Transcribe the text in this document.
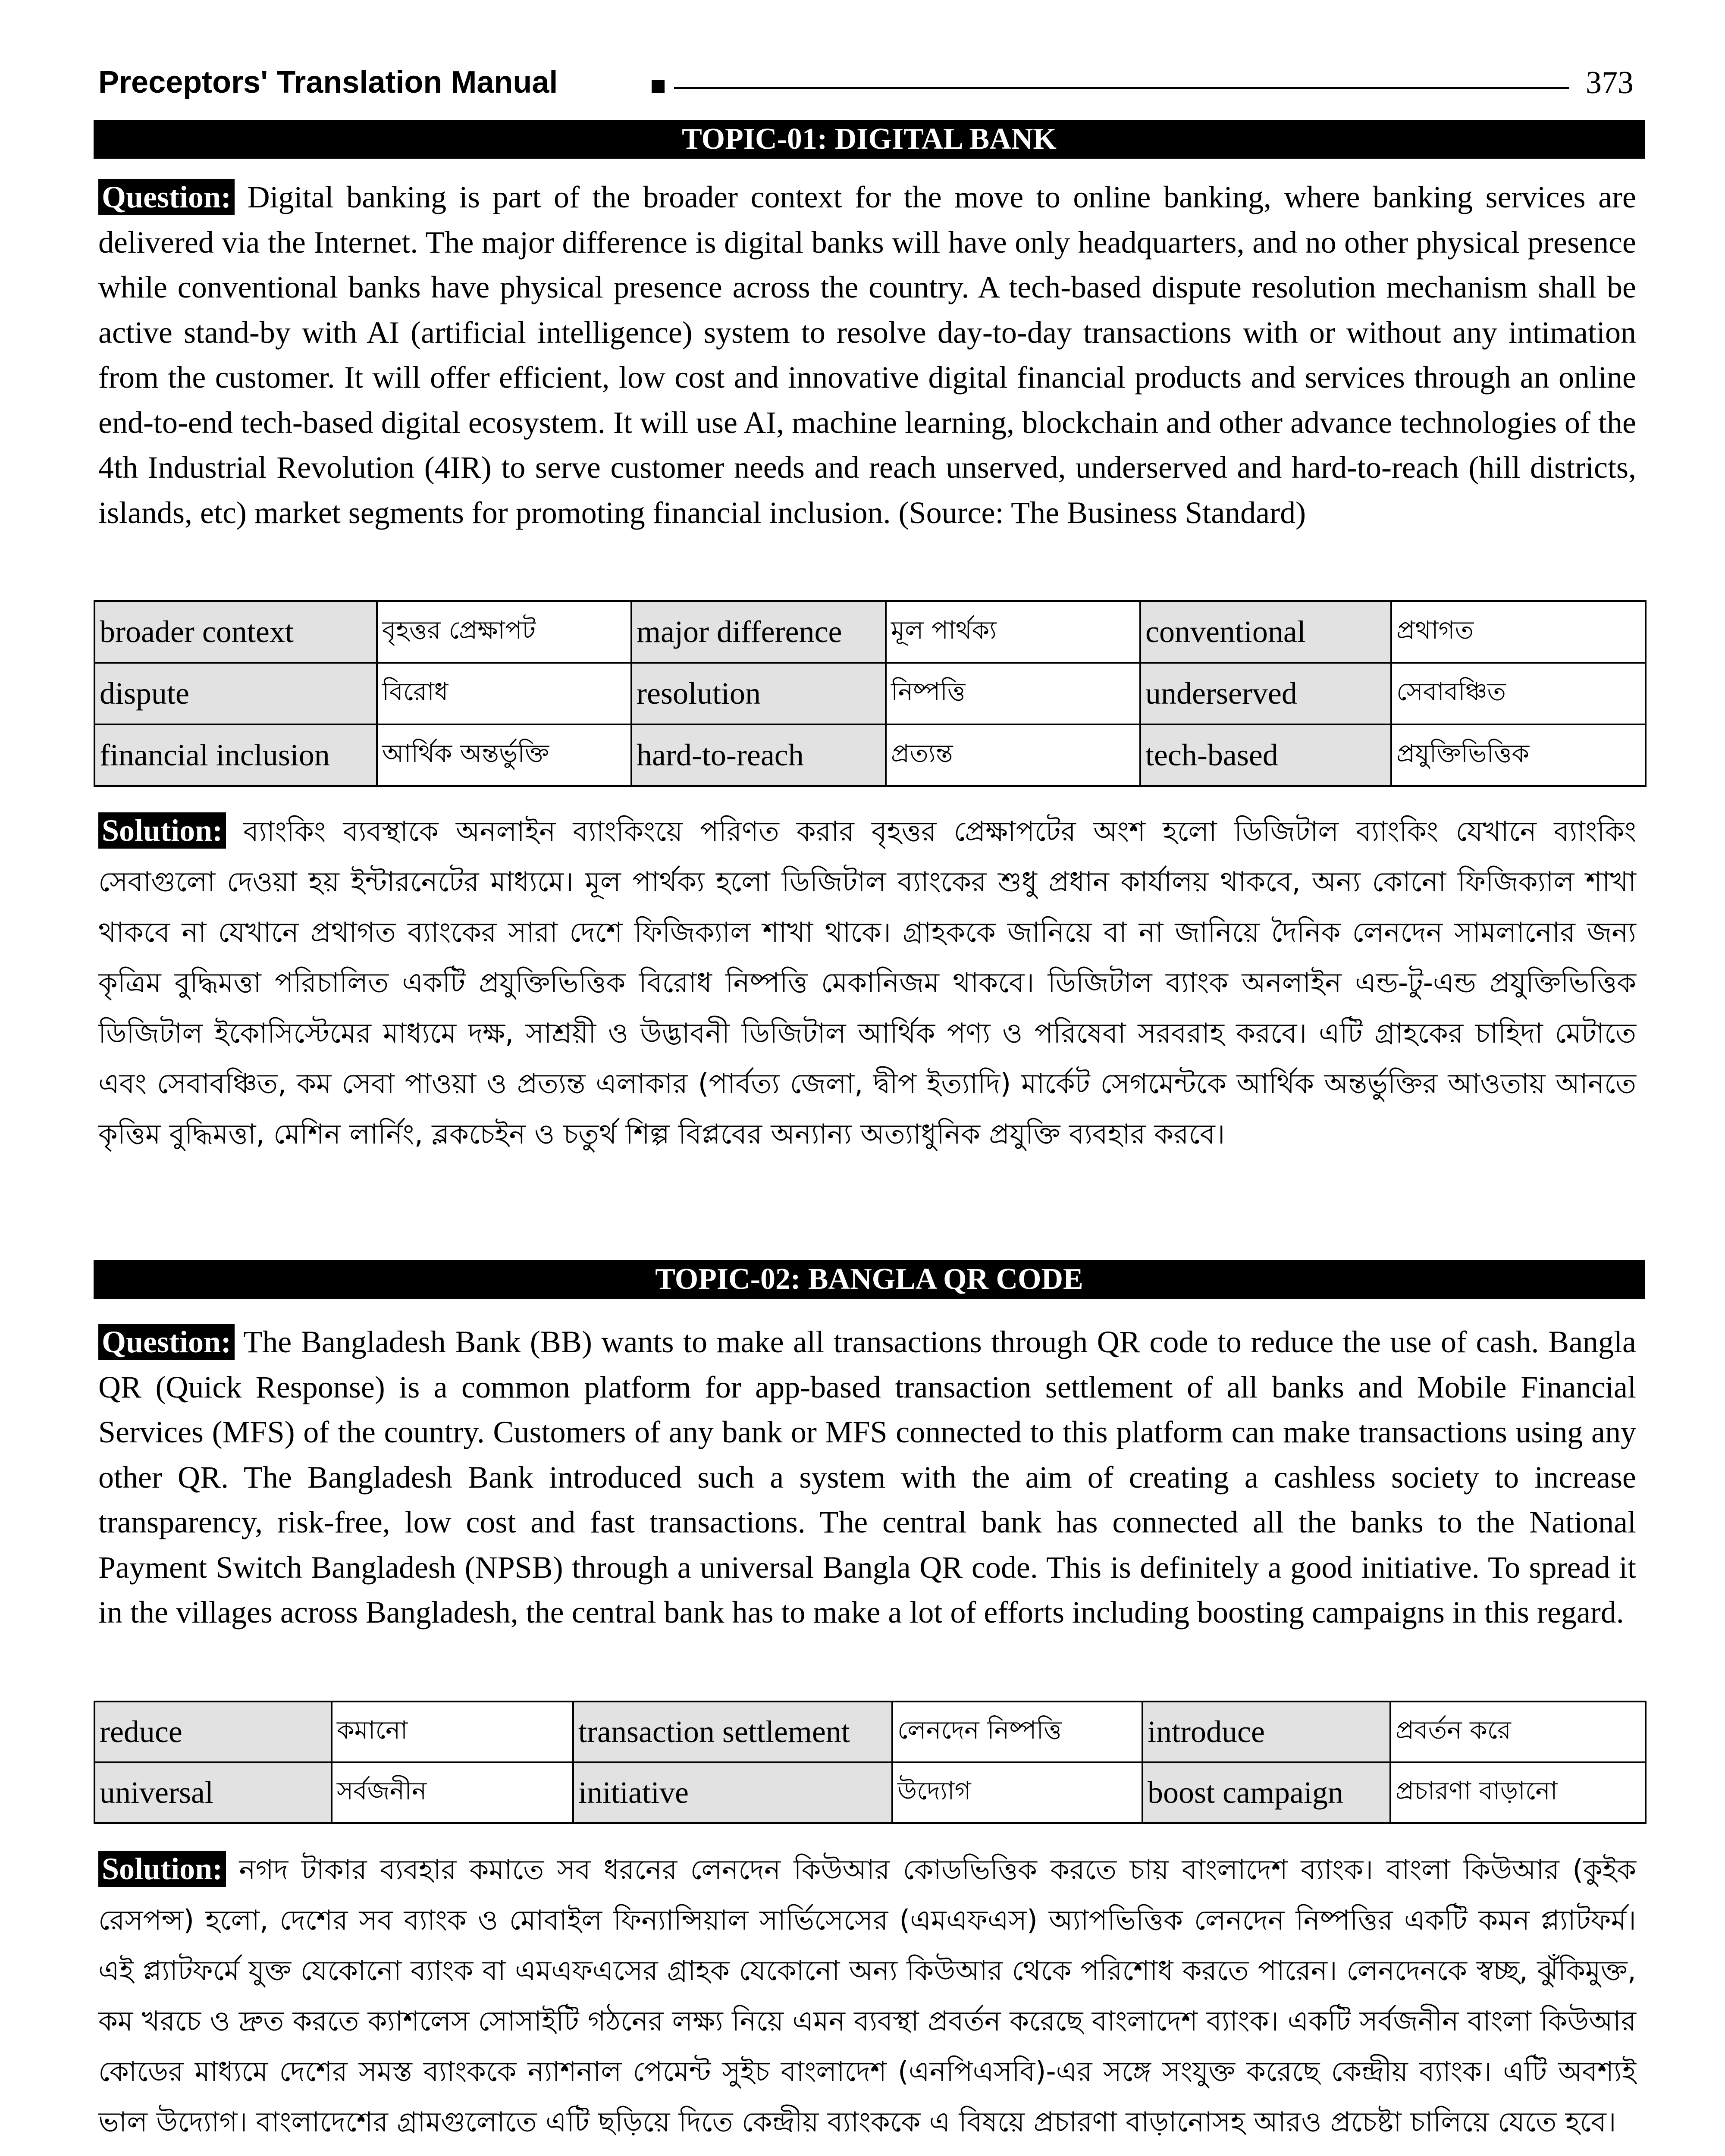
Preceptors' Translation Manual	373
TOPIC-01: DIGITAL BANK

Question: Digital banking is part of the broader context for the move to online banking, where banking services are delivered via the Internet. The major difference is digital banks will have only headquarters, and no other physical presence while conventional banks have physical presence across the country. A tech-based dispute resolution mechanism shall be active stand-by with AI (artificial intelligence) system to resolve day-to-day transactions with or without any intimation from the customer. It will offer efficient, low cost and innovative digital financial products and services through an online end-to-end tech-based digital ecosystem. It will use AI, machine learning, blockchain and other advance technologies of the 4th Industrial Revolution (4IR) to serve customer needs and reach unserved, underserved and hard-to-reach (hill districts, islands, etc) market segments for promoting financial inclusion. (Source: The Business Standard)

broader context	বৃহত্তর প্রেক্ষাপট	major difference	মূল পার্থক্য	conventional	প্রথাগত
dispute	বিরোধ	resolution	নিষ্পত্তি	underserved	সেবাবঞ্চিত
financial inclusion	আর্থিক অন্তর্ভুক্তি	hard-to-reach	প্রত্যন্ত	tech-based	প্রযুক্তিভিত্তিক

Solution: ব্যাংকিং ব্যবস্থাকে অনলাইন ব্যাংকিংয়ে পরিণত করার বৃহত্তর প্রেক্ষাপটের অংশ হলো ডিজিটাল ব্যাংকিং যেখানে ব্যাংকিং সেবাগুলো দেওয়া হয় ইন্টারনেটের মাধ্যমে। মূল পার্থক্য হলো ডিজিটাল ব্যাংকের শুধু প্রধান কার্যালয় থাকবে, অন্য কোনো ফিজিক্যাল শাখা থাকবে না যেখানে প্রথাগত ব্যাংকের সারা দেশে ফিজিক্যাল শাখা থাকে। গ্রাহককে জানিয়ে বা না জানিয়ে দৈনিক লেনদেন সামলানোর জন্য কৃত্রিম বুদ্ধিমত্তা পরিচালিত একটি প্রযুক্তিভিত্তিক বিরোধ নিষ্পত্তি মেকানিজম থাকবে। ডিজিটাল ব্যাংক অনলাইন এন্ড-টু-এন্ড প্রযুক্তিভিত্তিক ডিজিটাল ইকোসিস্টেমের মাধ্যমে দক্ষ, সাশ্রয়ী ও উদ্ভাবনী ডিজিটাল আর্থিক পণ্য ও পরিষেবা সরবরাহ করবে। এটি গ্রাহকের চাহিদা মেটাতে এবং সেবাবঞ্চিত, কম সেবা পাওয়া ও প্রত্যন্ত এলাকার (পার্বত্য জেলা, দ্বীপ ইত্যাদি) মার্কেট সেগমেন্টকে আর্থিক অন্তর্ভুক্তির আওতায় আনতে কৃত্তিম বুদ্ধিমত্তা, মেশিন লার্নিং, ব্লকচেইন ও চতুর্থ শিল্প বিপ্লবের অন্যান্য অত্যাধুনিক প্রযুক্তি ব্যবহার করবে।

TOPIC-02: BANGLA QR CODE

Question: The Bangladesh Bank (BB) wants to make all transactions through QR code to reduce the use of cash. Bangla QR (Quick Response) is a common platform for app-based transaction settlement of all banks and Mobile Financial Services (MFS) of the country. Customers of any bank or MFS connected to this platform can make transactions using any other QR. The Bangladesh Bank introduced such a system with the aim of creating a cashless society to increase transparency, risk-free, low cost and fast transactions. The central bank has connected all the banks to the National Payment Switch Bangladesh (NPSB) through a universal Bangla QR code. This is definitely a good initiative. To spread it in the villages across Bangladesh, the central bank has to make a lot of efforts including boosting campaigns in this regard.

reduce	কমানো	transaction settlement	লেনদেন নিষ্পত্তি	introduce	প্রবর্তন করে
universal	সর্বজনীন	initiative	উদ্যোগ	boost campaign	প্রচারণা বাড়ানো

Solution: নগদ টাকার ব্যবহার কমাতে সব ধরনের লেনদেন কিউআর কোডভিত্তিক করতে চায় বাংলাদেশ ব্যাংক। বাংলা কিউআর (কুইক রেসপন্স) হলো, দেশের সব ব্যাংক ও মোবাইল ফিন্যান্সিয়াল সার্ভিসেসের (এমএফএস) অ্যাপভিত্তিক লেনদেন নিষ্পত্তির একটি কমন প্ল্যাটফর্ম। এই প্ল্যাটফর্মে যুক্ত যেকোনো ব্যাংক বা এমএফএসের গ্রাহক যেকোনো অন্য কিউআর থেকে পরিশোধ করতে পারেন। লেনদেনকে স্বচ্ছ, ঝুঁকিমুক্ত, কম খরচে ও দ্রুত করতে ক্যাশলেস সোসাইটি গঠনের লক্ষ্য নিয়ে এমন ব্যবস্থা প্রবর্তন করেছে বাংলাদেশ ব্যাংক। একটি সর্বজনীন বাংলা কিউআর কোডের মাধ্যমে দেশের সমস্ত ব্যাংককে ন্যাশনাল পেমেন্ট সুইচ বাংলাদেশ (এনপিএসবি)-এর সঙ্গে সংযুক্ত করেছে কেন্দ্রীয় ব্যাংক। এটি অবশ্যই ভাল উদ্যোগ। বাংলাদেশের গ্রামগুলোতে এটি ছড়িয়ে দিতে কেন্দ্রীয় ব্যাংককে এ বিষয়ে প্রচারণা বাড়ানোসহ আরও প্রচেষ্টা চালিয়ে যেতে হবে।
